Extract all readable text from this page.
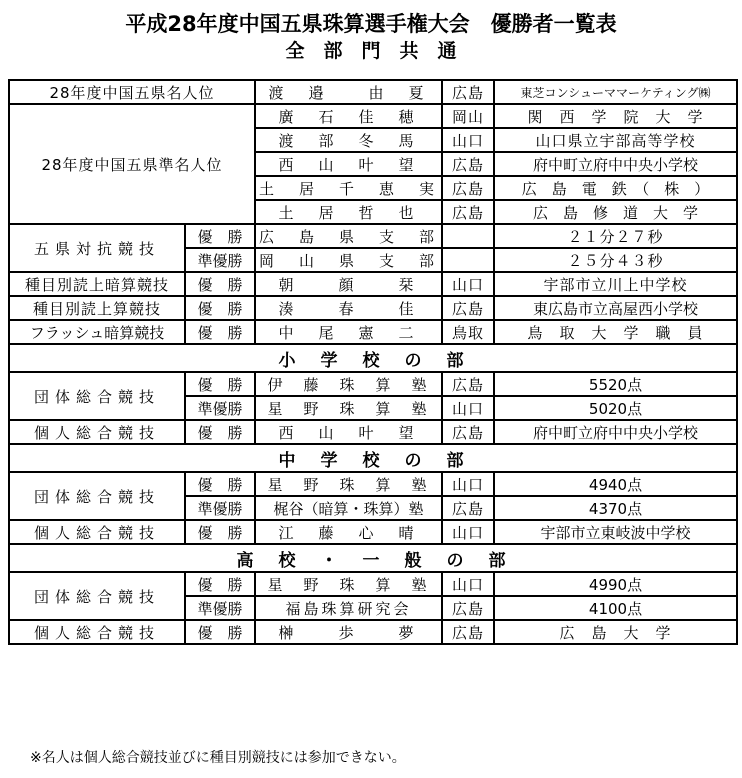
平成28年度中国五県珠算選手権大会　優勝者一覧表
全　部　門　共　通
28年度中国五県名人位		渡　邉　　由　夏	広島	東芝コンシューママーケティング㈱
28年度中国五県準名人位		廣　石　佳　穂	岡山	関　西　学　院　大　学
		渡　部　冬　馬	山口	山口県立宇部高等学校
		西　山　叶　望	広島	府中町立府中中央小学校
		土　居　千　恵　実	広島	広　島　電　鉄　（　株　）
		土　居　哲　也	広島	広　島　修　道　大　学
五県対抗競技	優　勝	広　島　県　支　部		２１分２７秒
	準優勝	岡　山　県　支　部		２５分４３秒
種目別読上暗算競技	優　勝	朝　　顔　　栞	山口	宇部市立川上中学校
種目別読上算競技	優　勝	湊　　春　　佳	広島	東広島市立高屋西小学校
フラッシュ暗算競技	優　勝	中　尾　憲　二	鳥取	鳥　取　大　学　職　員
小　学　校　の　部				
団体総合競技	優　勝	伊　藤　珠　算　塾	広島	5520点
	準優勝	星　野　珠　算　塾	山口	5020点
個人総合競技	優　勝	西　山　叶　望	広島	府中町立府中中央小学校
中　学　校　の　部				
団体総合競技	優　勝	星　野　珠　算　塾	山口	4940点
	準優勝	梶谷（暗算・珠算）塾	広島	4370点
個人総合競技	優　勝	江　藤　心　晴	山口	宇部市立東岐波中学校
高　校　・　一　般　の　部				
団体総合競技	優　勝	星　野　珠　算　塾	山口	4990点
	準優勝	福島珠算研究会	広島	4100点
個人総合競技	優　勝	榊　　歩　　夢	広島	広　島　大　学
※名人は個人総合競技並びに種目別競技には参加できない。
